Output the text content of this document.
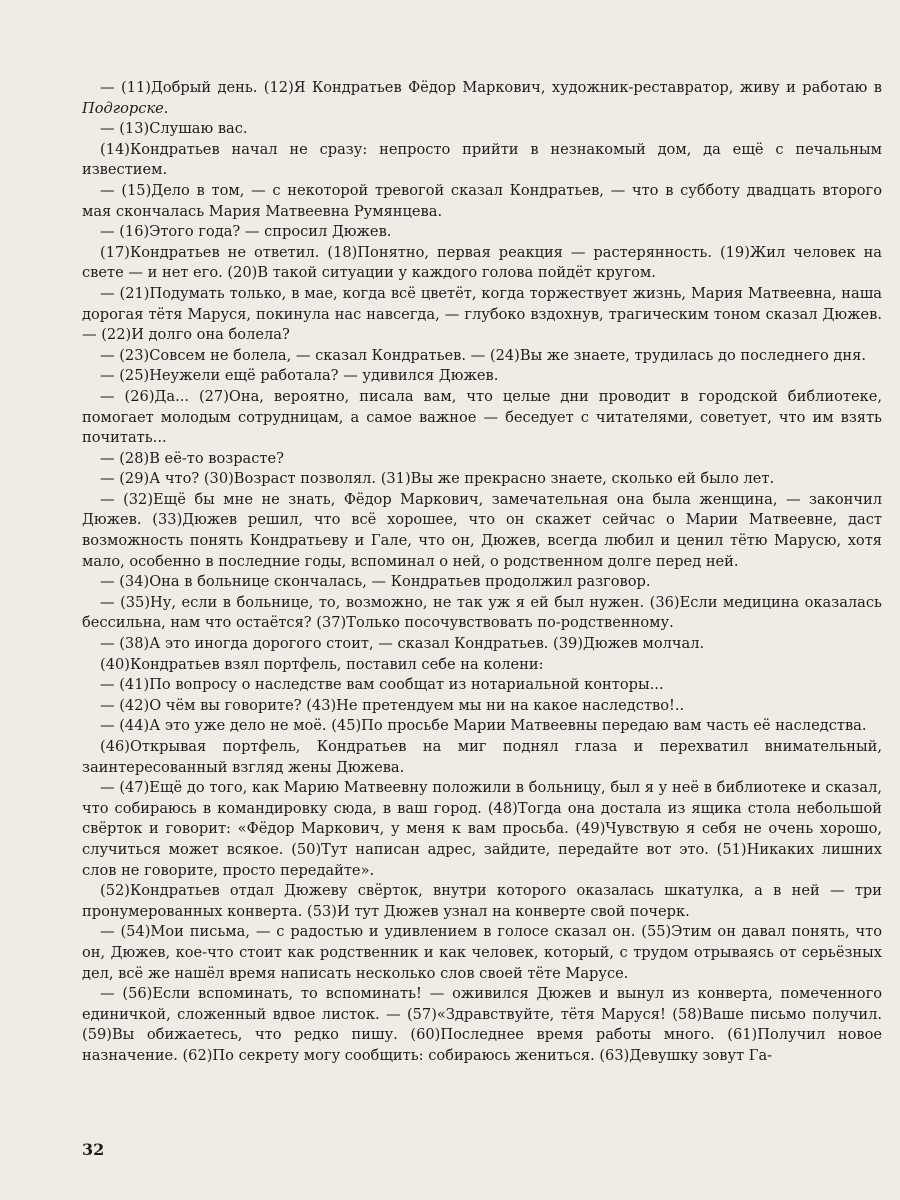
— (11)Добрый день. (12)Я Кондратьев Фёдор Маркович, художник-реставратор, живу и работаю в Подгорске.

— (13)Слушаю вас.

(14)Кондратьев начал не сразу: непросто прийти в незнакомый дом, да ещё с печальным известием.

— (15)Дело в том, — с некоторой тревогой сказал Кондратьев, — что в субботу двадцать второго мая скончалась Мария Матвеевна Румянцева.

— (16)Этого года? — спросил Дюжев.

(17)Кондратьев не ответил. (18)Понятно, первая реакция — растерянность. (19)Жил человек на свете — и нет его. (20)В такой ситуации у каждого голова пойдёт кругом.

— (21)Подумать только, в мае, когда всё цветёт, когда торжествует жизнь, Мария Матвеевна, наша дорогая тётя Маруся, покинула нас навсегда, — глубоко вздохнув, трагическим тоном сказал Дюжев. — (22)И долго она болела?

— (23)Совсем не болела, — сказал Кондратьев. — (24)Вы же знаете, трудилась до последнего дня.

— (25)Неужели ещё работала? — удивился Дюжев.

— (26)Да... (27)Она, вероятно, писала вам, что целые дни проводит в городской библиотеке, помогает молодым сотрудницам, а самое важное — беседует с читателями, советует, что им взять почитать...

— (28)В её-то возрасте?

— (29)А что? (30)Возраст позволял. (31)Вы же прекрасно знаете, сколько ей было лет.

— (32)Ещё бы мне не знать, Фёдор Маркович, замечательная она была женщина, — закончил Дюжев. (33)Дюжев решил, что всё хорошее, что он скажет сейчас о Марии Матвеевне, даст возможность понять Кондратьеву и Гале, что он, Дюжев, всегда любил и ценил тётю Марусю, хотя мало, особенно в последние годы, вспоминал о ней, о родственном долге перед ней.

— (34)Она в больнице скончалась, — Кондратьев продолжил разговор.

— (35)Ну, если в больнице, то, возможно, не так уж я ей был нужен. (36)Если медицина оказалась бессильна, нам что остаётся? (37)Только посочувствовать по-родственному.

— (38)А это иногда дорогого стоит, — сказал Кондратьев. (39)Дюжев молчал.

(40)Кондратьев взял портфель, поставил себе на колени:

— (41)По вопросу о наследстве вам сообщат из нотариальной конторы...

— (42)О чём вы говорите? (43)Не претендуем мы ни на какое наследство!..

— (44)А это уже дело не моё. (45)По просьбе Марии Матвеевны передаю вам часть её наследства.

(46)Открывая портфель, Кондратьев на миг поднял глаза и перехватил внимательный, заинтересованный взгляд жены Дюжева.

— (47)Ещё до того, как Марию Матвеевну положили в больницу, был я у неё в библиотеке и сказал, что собираюсь в командировку сюда, в ваш город. (48)Тогда она достала из ящика стола небольшой свёрток и говорит: «Фёдор Маркович, у меня к вам просьба. (49)Чувствую я себя не очень хорошо, случиться может всякое. (50)Тут написан адрес, зайдите, передайте вот это. (51)Никаких лишних слов не говорите, просто передайте».

(52)Кондратьев отдал Дюжеву свёрток, внутри которого оказалась шкатулка, а в ней — три пронумерованных конверта. (53)И тут Дюжев узнал на конверте свой почерк.

— (54)Мои письма, — с радостью и удивлением в голосе сказал он. (55)Этим он давал понять, что он, Дюжев, кое-что стоит как родственник и как человек, который, с трудом отрываясь от серьёзных дел, всё же нашёл время написать несколько слов своей тёте Марусе.

— (56)Если вспоминать, то вспоминать! — оживился Дюжев и вынул из конверта, помеченного единичкой, сложенный вдвое листок. — (57)«Здравствуйте, тётя Маруся! (58)Ваше письмо получил. (59)Вы обижаетесь, что редко пишу. (60)Последнее время работы много. (61)Получил новое назначение. (62)По секрету могу сообщить: собираюсь жениться. (63)Девушку зовут Га-

32
